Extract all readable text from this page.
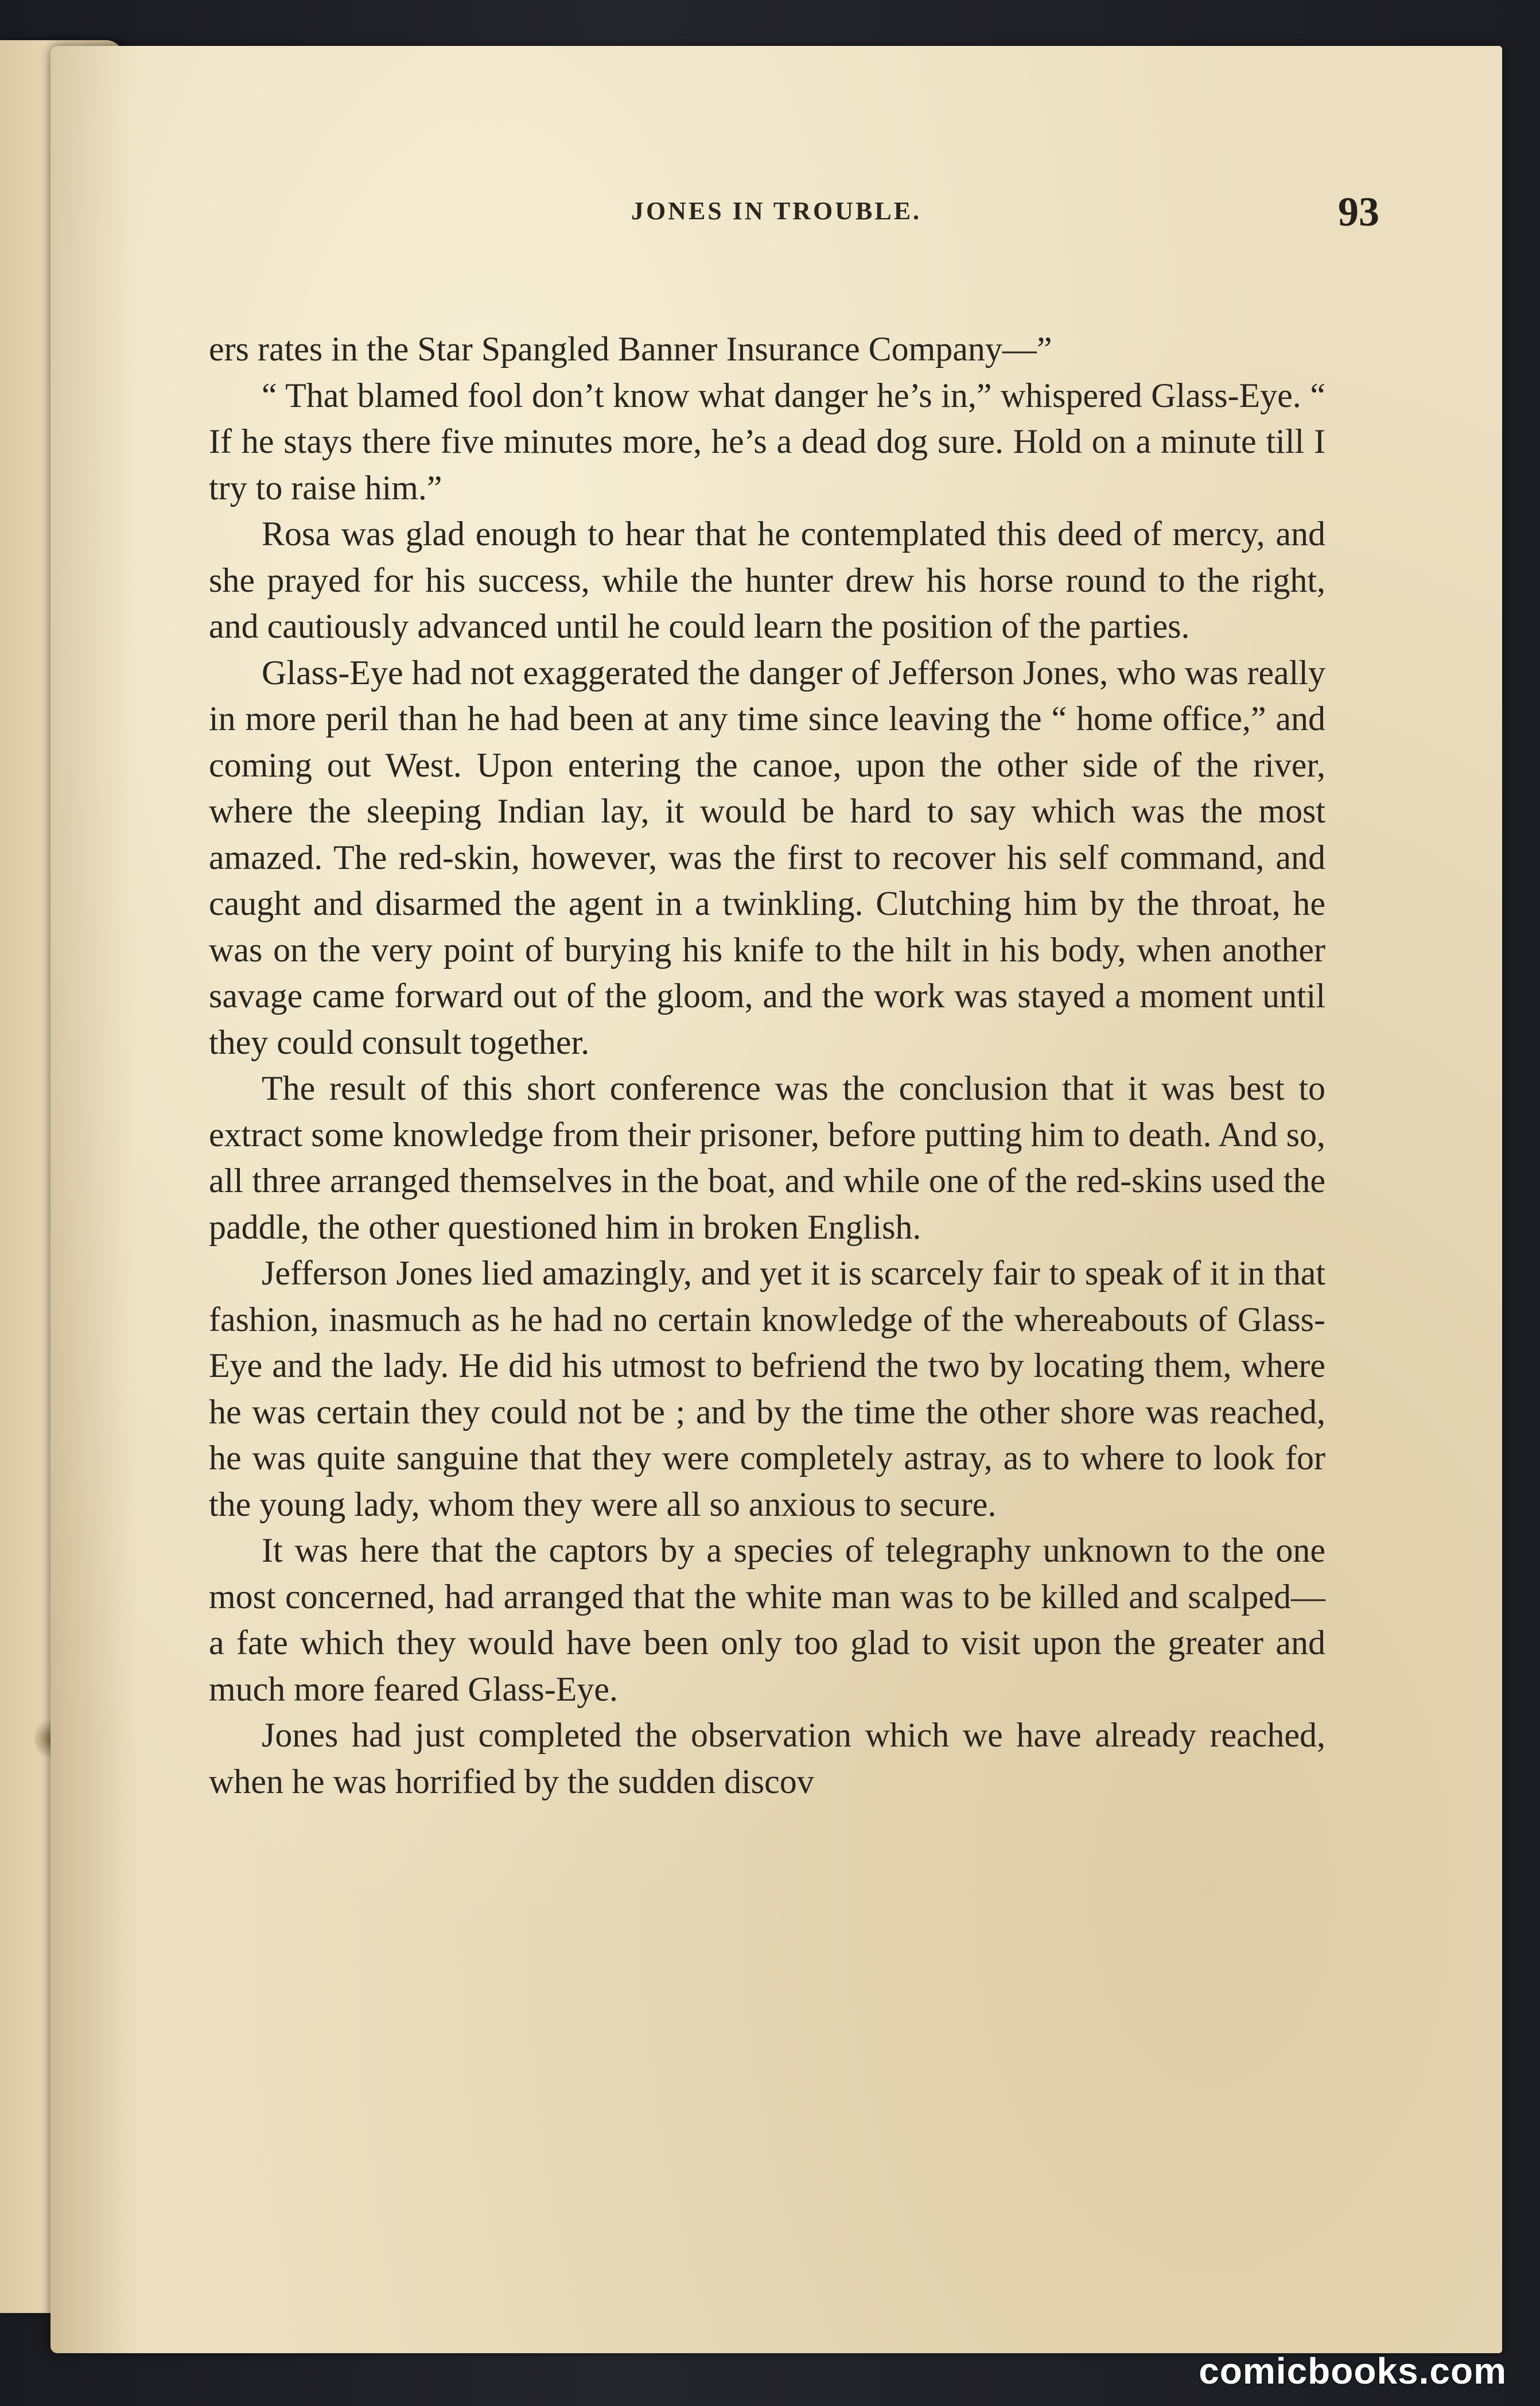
JONES IN TROUBLE.	93

ers rates in the Star Spangled Banner Insurance Company—”

“ That blamed fool don’t know what danger he’s in,” whispered Glass-Eye. “ If he stays there five minutes more, he’s a dead dog sure. Hold on a minute till I try to raise him.”

Rosa was glad enough to hear that he contemplated this deed of mercy, and she prayed for his success, while the hunter drew his horse round to the right, and cautiously advanced until he could learn the position of the parties.

Glass-Eye had not exaggerated the danger of Jefferson Jones, who was really in more peril than he had been at any time since leaving the “ home office,” and coming out West. Upon entering the canoe, upon the other side of the river, where the sleeping Indian lay, it would be hard to say which was the most amazed. The red-skin, however, was the first to recover his self command, and caught and disarmed the agent in a twinkling. Clutching him by the throat, he was on the very point of burying his knife to the hilt in his body, when another savage came forward out of the gloom, and the work was stayed a moment until they could consult together.

The result of this short conference was the conclusion that it was best to extract some knowledge from their prisoner, before putting him to death. And so, all three arranged themselves in the boat, and while one of the red-skins used the paddle, the other questioned him in broken English.

Jefferson Jones lied amazingly, and yet it is scarcely fair to speak of it in that fashion, inasmuch as he had no certain knowledge of the whereabouts of Glass-Eye and the lady. He did his utmost to befriend the two by locating them, where he was certain they could not be ; and by the time the other shore was reached, he was quite sanguine that they were completely astray, as to where to look for the young lady, whom they were all so anxious to secure.

It was here that the captors by a species of telegraphy unknown to the one most concerned, had arranged that the white man was to be killed and scalped—a fate which they would have been only too glad to visit upon the greater and much more feared Glass-Eye.

Jones had just completed the observation which we have already reached, when he was horrified by the sudden discov

comicbooks.com
